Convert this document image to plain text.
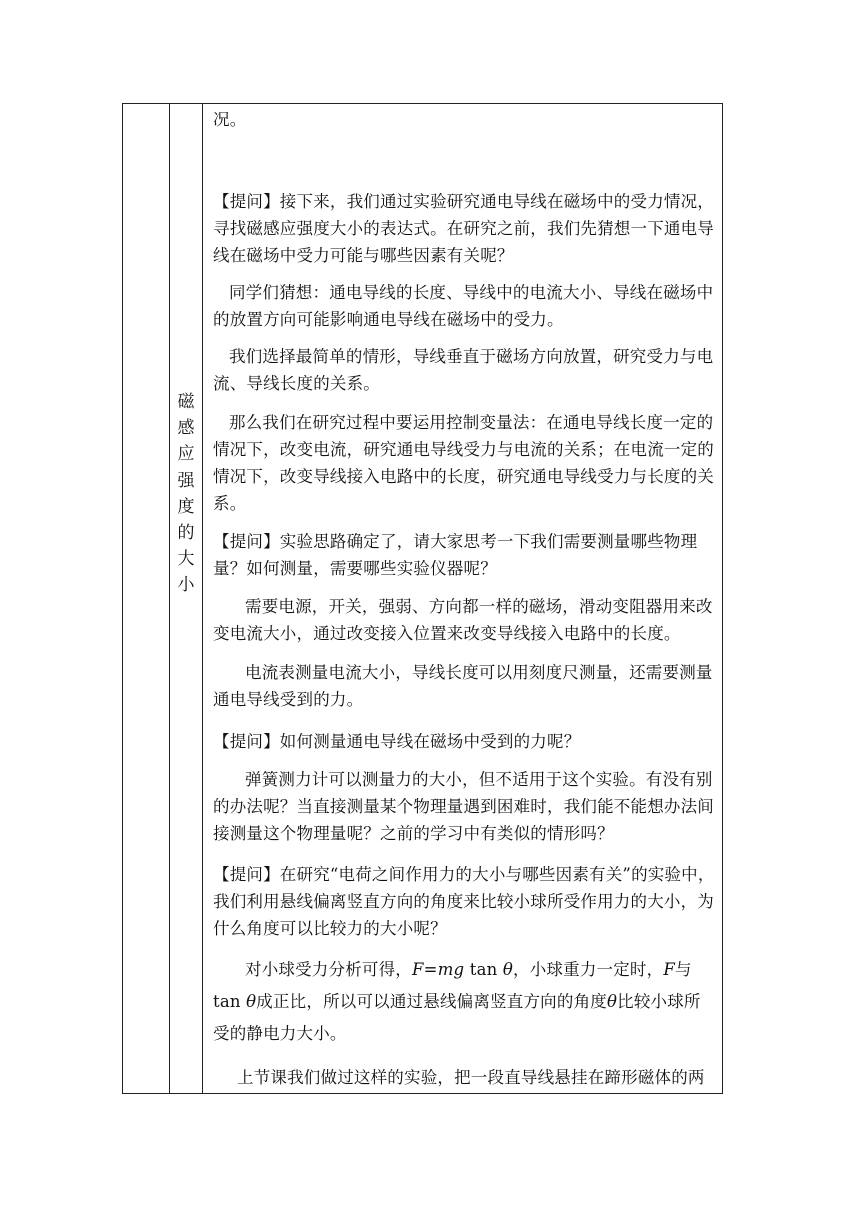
磁
感
应
强
度
的
大
小

况。

【提问】接下来，我们通过实验研究通电导线在磁场中的受力情况，寻找磁感应强度大小的表达式。在研究之前，我们先猜想一下通电导线在磁场中受力可能与哪些因素有关呢？

同学们猜想：通电导线的长度、导线中的电流大小、导线在磁场中的放置方向可能影响通电导线在磁场中的受力。

我们选择最简单的情形，导线垂直于磁场方向放置，研究受力与电流、导线长度的关系。

那么我们在研究过程中要运用控制变量法：在通电导线长度一定的情况下，改变电流，研究通电导线受力与电流的关系；在电流一定的情况下，改变导线接入电路中的长度，研究通电导线受力与长度的关系。

【提问】实验思路确定了，请大家思考一下我们需要测量哪些物理量？如何测量，需要哪些实验仪器呢？

需要电源，开关，强弱、方向都一样的磁场，滑动变阻器用来改变电流大小，通过改变接入位置来改变导线接入电路中的长度。

电流表测量电流大小，导线长度可以用刻度尺测量，还需要测量通电导线受到的力。

【提问】如何测量通电导线在磁场中受到的力呢？

弹簧测力计可以测量力的大小，但不适用于这个实验。有没有别的办法呢？当直接测量某个物理量遇到困难时，我们能不能想办法间接测量这个物理量呢？之前的学习中有类似的情形吗？

【提问】在研究“电荷之间作用力的大小与哪些因素有关”的实验中，我们利用悬线偏离竖直方向的角度来比较小球所受作用力的大小，为什么角度可以比较力的大小呢？

对小球受力分析可得，F=mg tan θ，小球重力一定时，F与 tan θ成正比，所以可以通过悬线偏离竖直方向的角度θ比较小球所受的静电力大小。

上节课我们做过这样的实验，把一段直导线悬挂在蹄形磁体的两
